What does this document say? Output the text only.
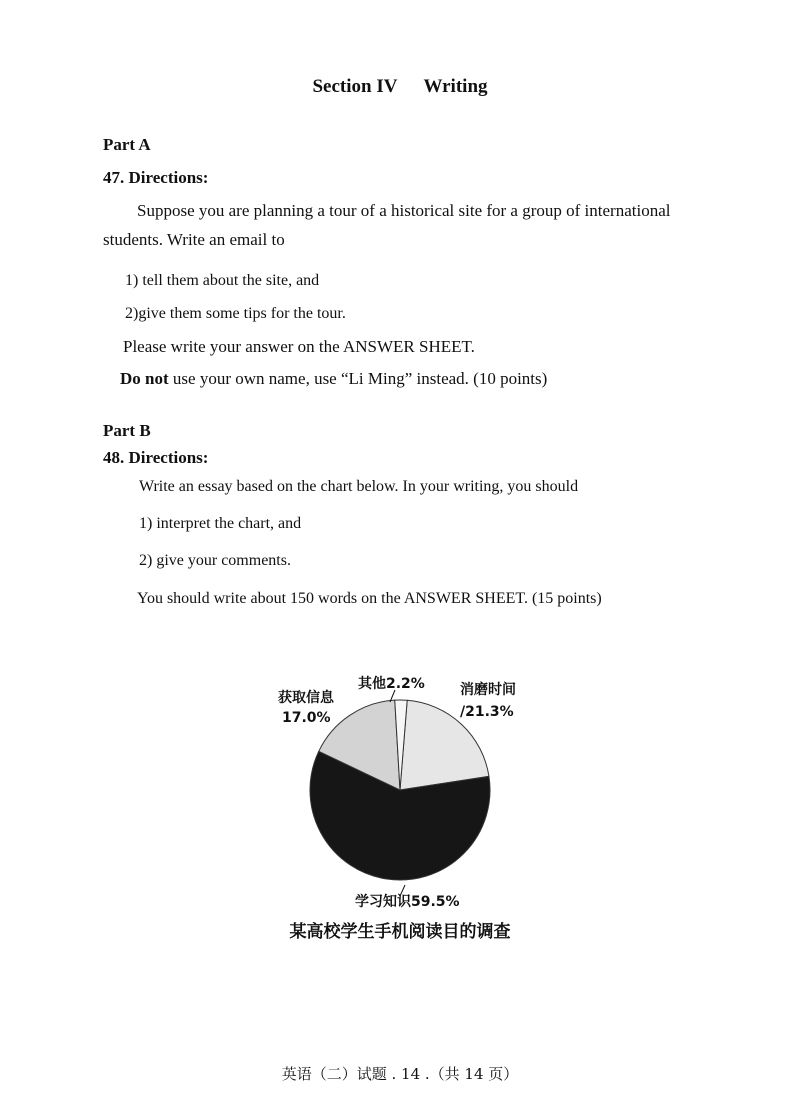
Section IV Writing
Part A
47. Directions:
Suppose you are planning a tour of a historical site for a group of international
students. Write an email to
1) tell them about the site, and
2)give them some tips for the tour.
Please write your answer on the ANSWER SHEET.
Do not use your own name, use “Li Ming” instead. (10 points)
Part B
48. Directions:
Write an essay based on the chart below. In your writing, you should
1) interpret the chart, and
2) give your comments.
You should write about 150 words on the ANSWER SHEET. (15 points)
消磨时间
/21.3%
学习知识59.5%
获取信息
17.0%
其他2.2%
某高校学生手机阅读目的调查
英语（二）试题 . 14 .（共 14 页）
